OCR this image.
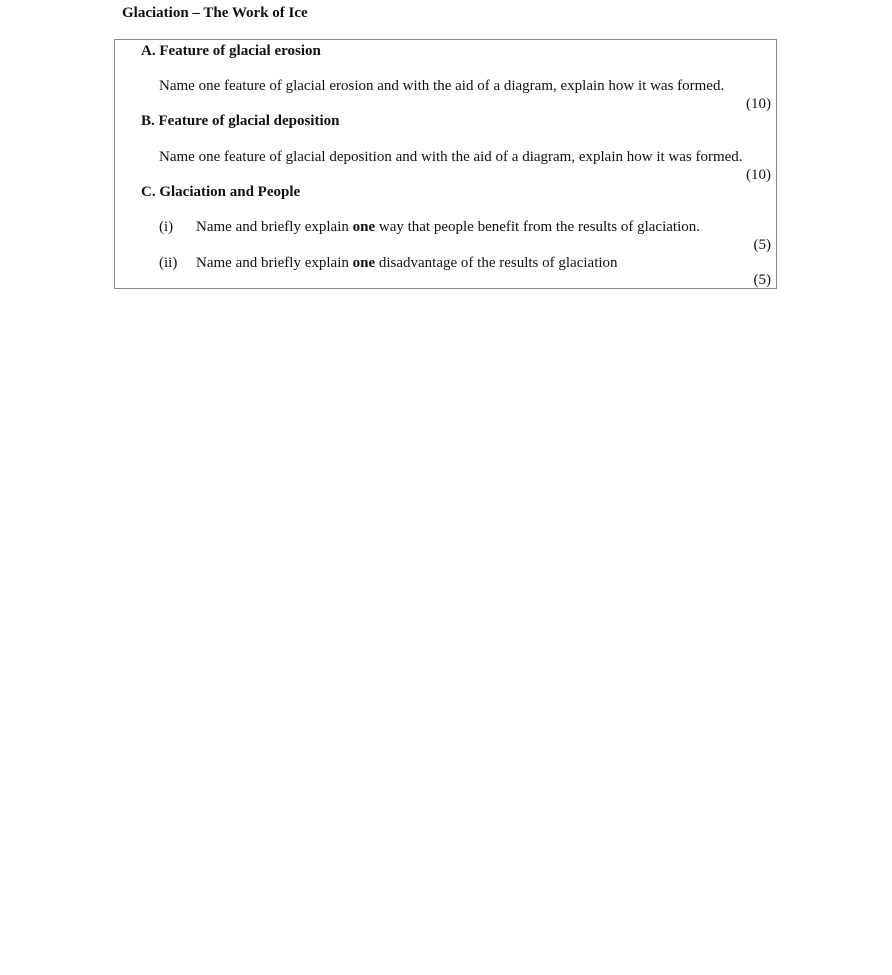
Glaciation – The Work of Ice
A. Feature of glacial erosion
Name one feature of glacial erosion and with the aid of a diagram, explain how it was formed.
(10)
B. Feature of glacial deposition
Name one feature of glacial deposition and with the aid of a diagram, explain how it was formed.
(10)
C. Glaciation and People
(i) Name and briefly explain one way that people benefit from the results of glaciation.
(5)
(ii) Name and briefly explain one disadvantage of the results of glaciation
(5)
